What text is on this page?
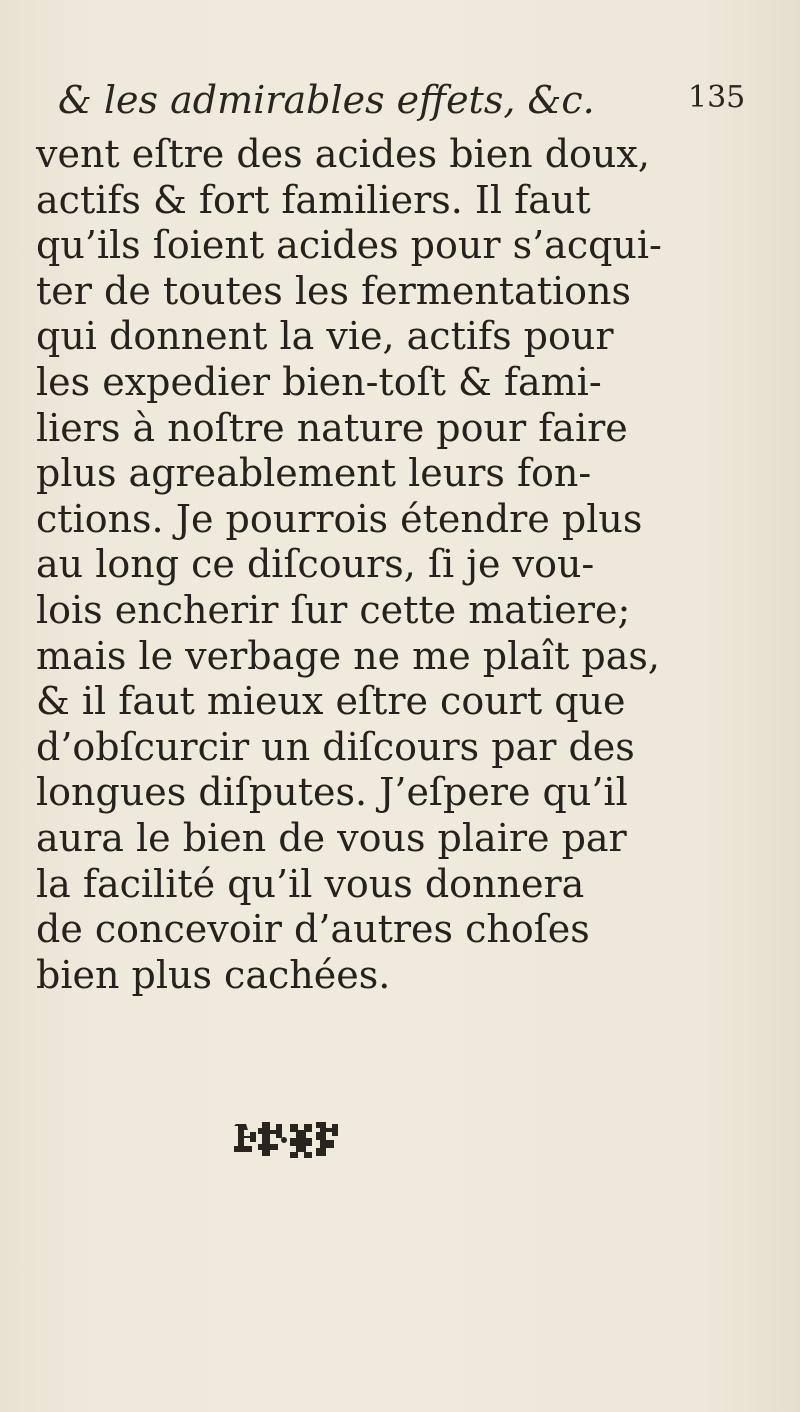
& les admirables effets, &c.	135
vent eſtre des acides bien doux,
actifs & fort familiers. Il faut
qu’ils ſoient acides pour s’acqui-
ter de toutes les fermentations
qui donnent la vie, actifs pour
les expedier bien-toſt & fami-
liers à noſtre nature pour faire
plus agreablement leurs fon-
ctions. Je pourrois étendre plus
au long ce diſcours, ſi je vou-
lois encherir ſur cette matiere;
mais le verbage ne me plaît pas,
& il faut mieux eſtre court que
d’obſcurcir un diſcours par des
longues diſputes. J’eſpere qu’il
aura le bien de vous plaire par
la facilité qu’il vous donnera
de concevoir d’autres choſes
bien plus cachées.
